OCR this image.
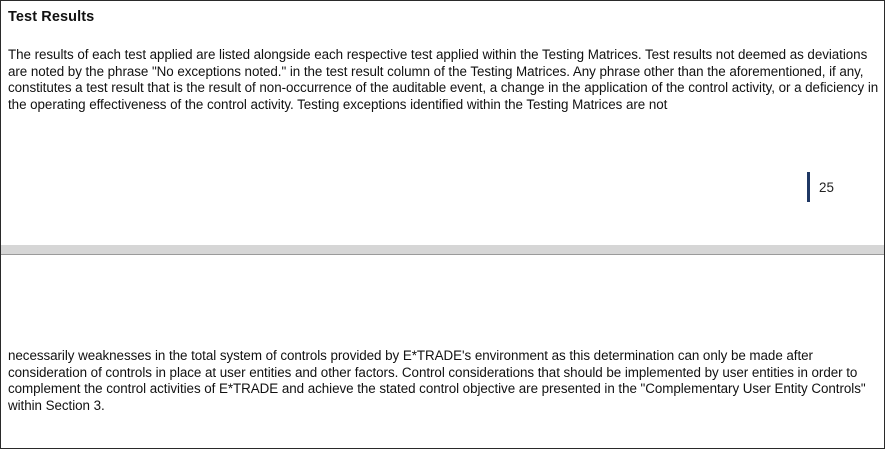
Test Results

The results of each test applied are listed alongside each respective test applied within the Testing Matrices. Test results not deemed as deviations are noted by the phrase "No exceptions noted." in the test result column of the Testing Matrices. Any phrase other than the aforementioned, if any, constitutes a test result that is the result of non-occurrence of the auditable event, a change in the application of the control activity, or a deficiency in the operating effectiveness of the control activity. Testing exceptions identified within the Testing Matrices are not

25

necessarily weaknesses in the total system of controls provided by E*TRADE's environment as this determination can only be made after consideration of controls in place at user entities and other factors. Control considerations that should be implemented by user entities in order to complement the control activities of E*TRADE and achieve the stated control objective are presented in the "Complementary User Entity Controls" within Section 3.
